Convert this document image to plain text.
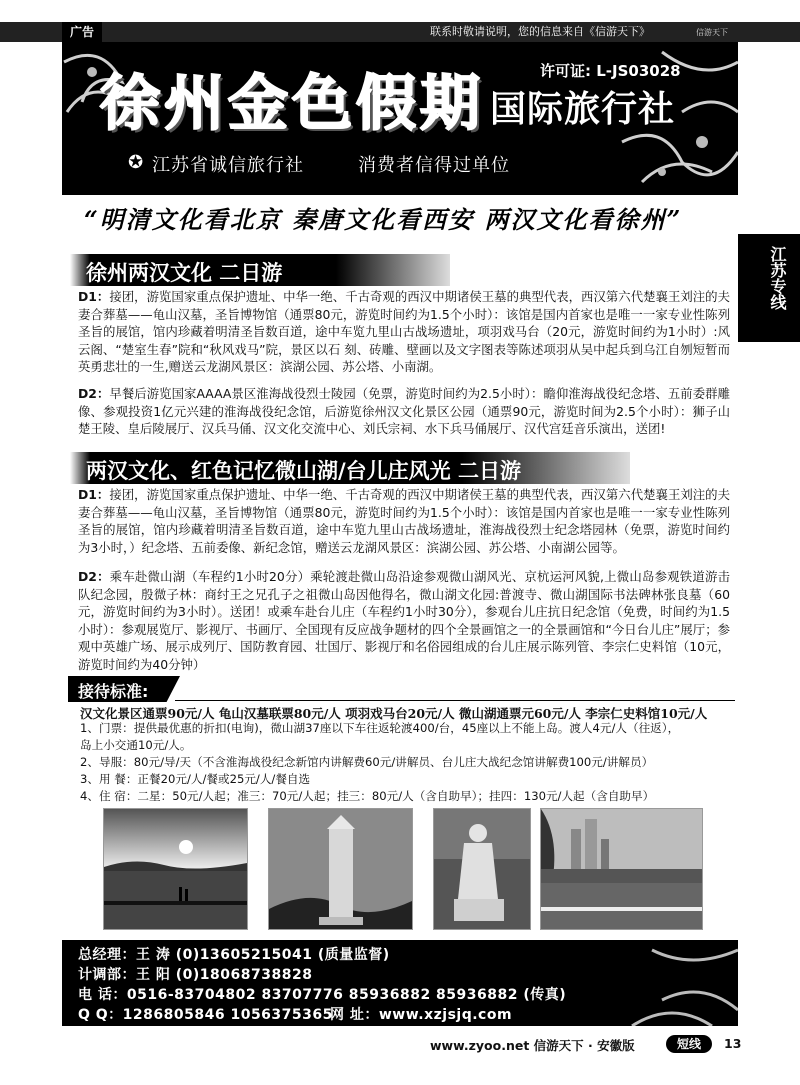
广告	联系时敬请说明，您的信息来自《信游天下》	信游天下
许可证: L-JS03028
徐州金色假期 国际旅行社
✪ 江苏省诚信旅行社	消费者信得过单位
“明清文化看北京 秦唐文化看西安 两汉文化看徐州”
江苏专线
徐州两汉文化 二日游
D1：接团，游览国家重点保护遗址、中华一绝、千古奇观的西汉中期诸侯王墓的典型代表，西汉第六代楚襄王刘注的夫妻合葬墓——龟山汉墓，圣旨博物馆（通票80元，游览时间约为1.5个小时）：该馆是国内首家也是唯一一家专业性陈列圣旨的展馆，馆内珍藏着明清圣旨数百道，途中车览九里山古战场遗址，项羽戏马台（20元，游览时间约为1小时）:风云阁、“楚室生春”院和“秋风戏马”院，景区以石 刻、砖雕、壁画以及文字图表等陈述项羽从吴中起兵到乌江自刎短暂而英勇悲壮的一生,赠送云龙湖风景区：滨湖公园、苏公塔、小南湖。
D2：早餐后游览国家AAAA景区淮海战役烈士陵园（免票，游览时间约为2.5小时）：瞻仰淮海战役纪念塔、五前委群雕像、参观投资1亿元兴建的淮海战役纪念馆，后游览徐州汉文化景区公园（通票90元，游览时间为2.5个小时）：狮子山楚王陵、皇后陵展厅、汉兵马俑、汉文化交流中心、刘氏宗祠、水下兵马俑展厅、汉代宫廷音乐演出，送团!
两汉文化、红色记忆微山湖/台儿庄风光 二日游
D1：接团，游览国家重点保护遗址、中华一绝、千古奇观的西汉中期诸侯王墓的典型代表，西汉第六代楚襄王刘注的夫妻合葬墓——龟山汉墓，圣旨博物馆（通票80元，游览时间约为1.5个小时）：该馆是国内首家也是唯一一家专业性陈列圣旨的展馆，馆内珍藏着明清圣旨数百道，途中车览九里山古战场遗址，淮海战役烈士纪念塔园林（免票，游览时间约为3小时，）纪念塔、五前委像、新纪念馆，赠送云龙湖风景区：滨湖公园、苏公塔、小南湖公园等。
D2：乘车赴微山湖（车程约1小时20分）乘轮渡赴微山岛沿途参观微山湖风光、京杭运河风貌,上微山岛参观铁道游击队纪念园，殷微子林：商纣王之兄孔子之祖微山岛因他得名，微山湖文化园:普渡寺、微山湖国际书法碑林张良墓（60元，游览时间约为3小时）。送团！或乘车赴台儿庄（车程约1小时30分），参观台儿庄抗日纪念馆（免费，时间约为1.5小时）：参观展览厅、影视厅、书画厅、全国现有反应战争题材的四个全景画馆之一的全景画馆和“今日台儿庄”展厅；参观中英雄广场、展示成列厅、国防教育园、壮国厅、影视厅和名俗园组成的台儿庄展示陈列管、李宗仁史料馆（10元，游览时间约为40分钟）
接待标准:
汉文化景区通票90元/人 龟山汉墓联票80元/人 项羽戏马台20元/人 微山湖通票元60元/人 李宗仁史料馆10元/人
1、门票：提供最优惠的折扣(电询)，微山湖37座以下车往返轮渡400/台，45座以上不能上岛。渡人4元/人（往返），
岛上小交通10元/人。
2、导服：80元/导/天（不含淮海战役纪念新馆内讲解费60元/讲解员、台儿庄大战纪念馆讲解费100元/讲解员）
3、用 餐：正餐20元/人/餐或25元/人/餐自选
4、住 宿：二星：50元/人起；准三：70元/人起；挂三：80元/人（含自助早）；挂四：130元/人起（含自助早）
总经理：王 涛 (0)13605215041 (质量监督)
计调部：王 阳 (0)18068738828
电 话：0516-83704802 83707776 85936882 85936882 (传真)
Q Q：1286805846 1056375365
网 址：www.xzjsjq.com
www.zyoo.net 信游天下 · 安徽版	短线	13
